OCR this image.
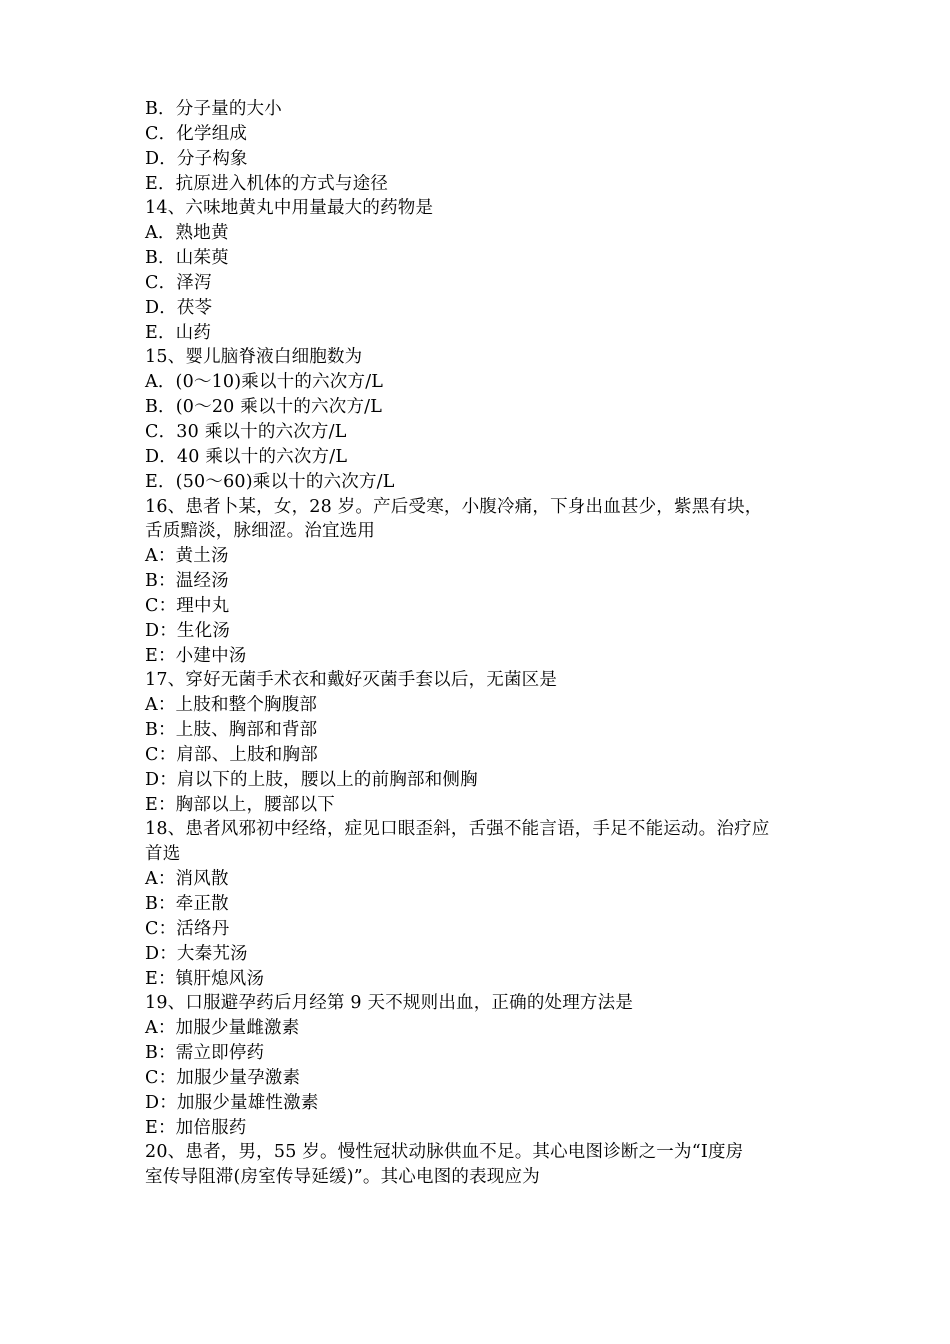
B．分子量的大小
C．化学组成
D．分子构象
E．抗原进入机体的方式与途径
14、六味地黄丸中用量最大的药物是
A．熟地黄
B．山茱萸
C．泽泻
D．茯苓
E．山药
15、婴儿脑脊液白细胞数为
A．(0～10)乘以十的六次方/L
B．(0～20 乘以十的六次方/L
C．30 乘以十的六次方/L
D．40 乘以十的六次方/L
E．(50～60)乘以十的六次方/L
16、患者卜某，女，28 岁。产后受寒，小腹冷痛，下身出血甚少，紫黑有块，
舌质黯淡，脉细涩。治宜选用
A：黄土汤
B：温经汤
C：理中丸
D：生化汤
E：小建中汤
17、穿好无菌手术衣和戴好灭菌手套以后，无菌区是
A：上肢和整个胸腹部
B：上肢、胸部和背部
C：肩部、上肢和胸部
D：肩以下的上肢，腰以上的前胸部和侧胸
E：胸部以上，腰部以下
18、患者风邪初中经络，症见口眼歪斜，舌强不能言语，手足不能运动。治疗应
首选
A：消风散
B：牵正散
C：活络丹
D：大秦艽汤
E：镇肝熄风汤
19、口服避孕药后月经第 9 天不规则出血，正确的处理方法是
A：加服少量雌激素
B：需立即停药
C：加服少量孕激素
D：加服少量雄性激素
E：加倍服药
20、患者，男，55 岁。慢性冠状动脉供血不足。其心电图诊断之一为“Ⅰ度房
室传导阻滞(房室传导延缓)”。其心电图的表现应为
